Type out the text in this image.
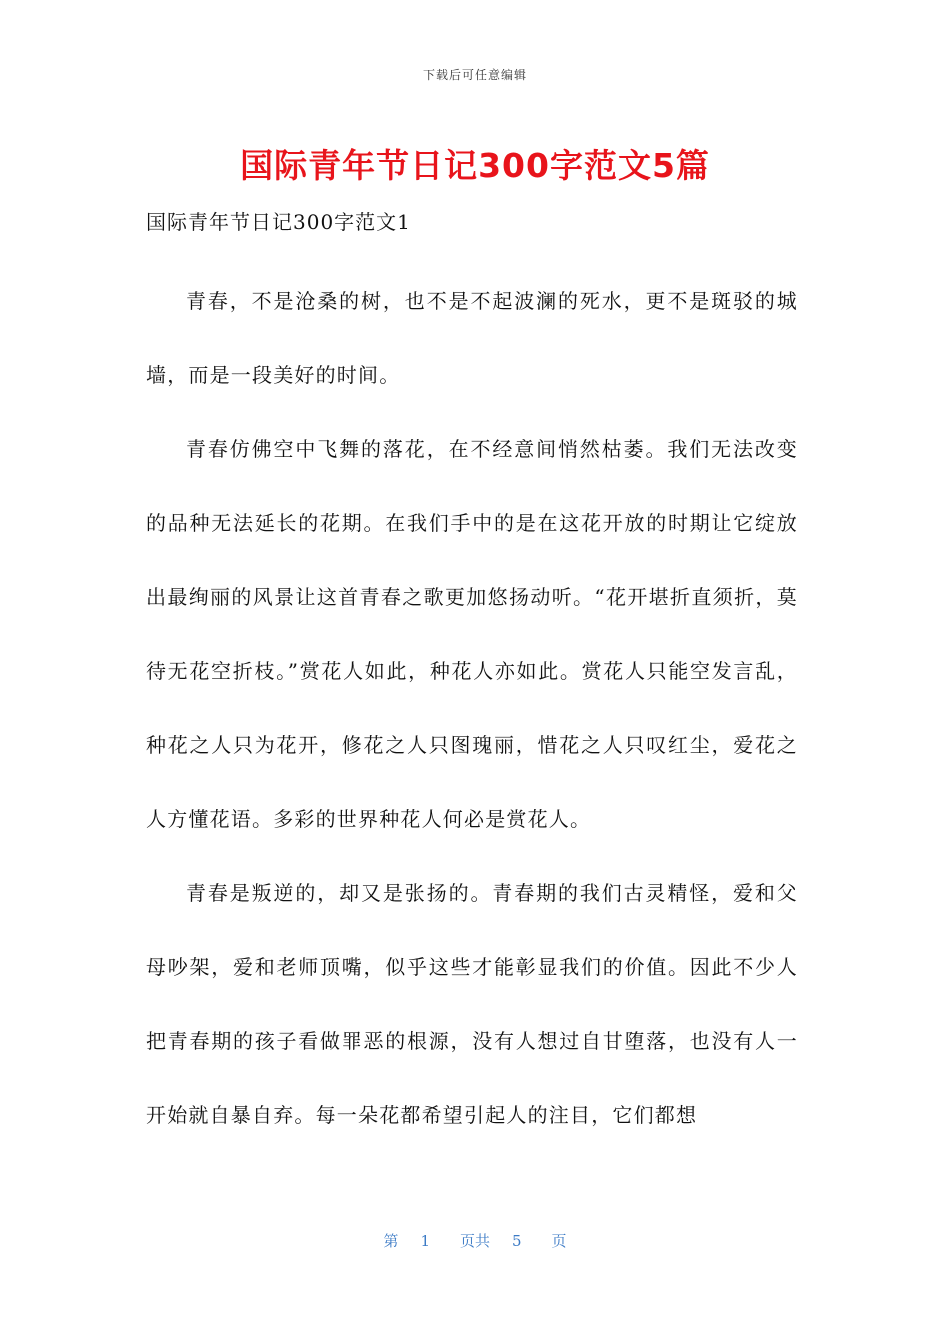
下载后可任意编辑
国际青年节日记300字范文5篇
国际青年节日记300字范文1

青春，不是沧桑的树，也不是不起波澜的死水，更不是斑驳的城墙，而是一段美好的时间。

青春仿佛空中飞舞的落花，在不经意间悄然枯萎。我们无法改变的品种无法延长的花期。在我们手中的是在这花开放的时期让它绽放出最绚丽的风景让这首青春之歌更加悠扬动听。“花开堪折直须折，莫待无花空折枝。”赏花人如此，种花人亦如此。赏花人只能空发言乱，种花之人只为花开，修花之人只图瑰丽，惜花之人只叹红尘，爱花之人方懂花语。多彩的世界种花人何必是赏花人。

青春是叛逆的，却又是张扬的。青春期的我们古灵精怪，爱和父母吵架，爱和老师顶嘴，似乎这些才能彰显我们的价值。因此不少人把青春期的孩子看做罪恶的根源，没有人想过自甘堕落，也没有人一开始就自暴自弃。每一朵花都希望引起人的注目，它们都想

第 1 页共 5 页
